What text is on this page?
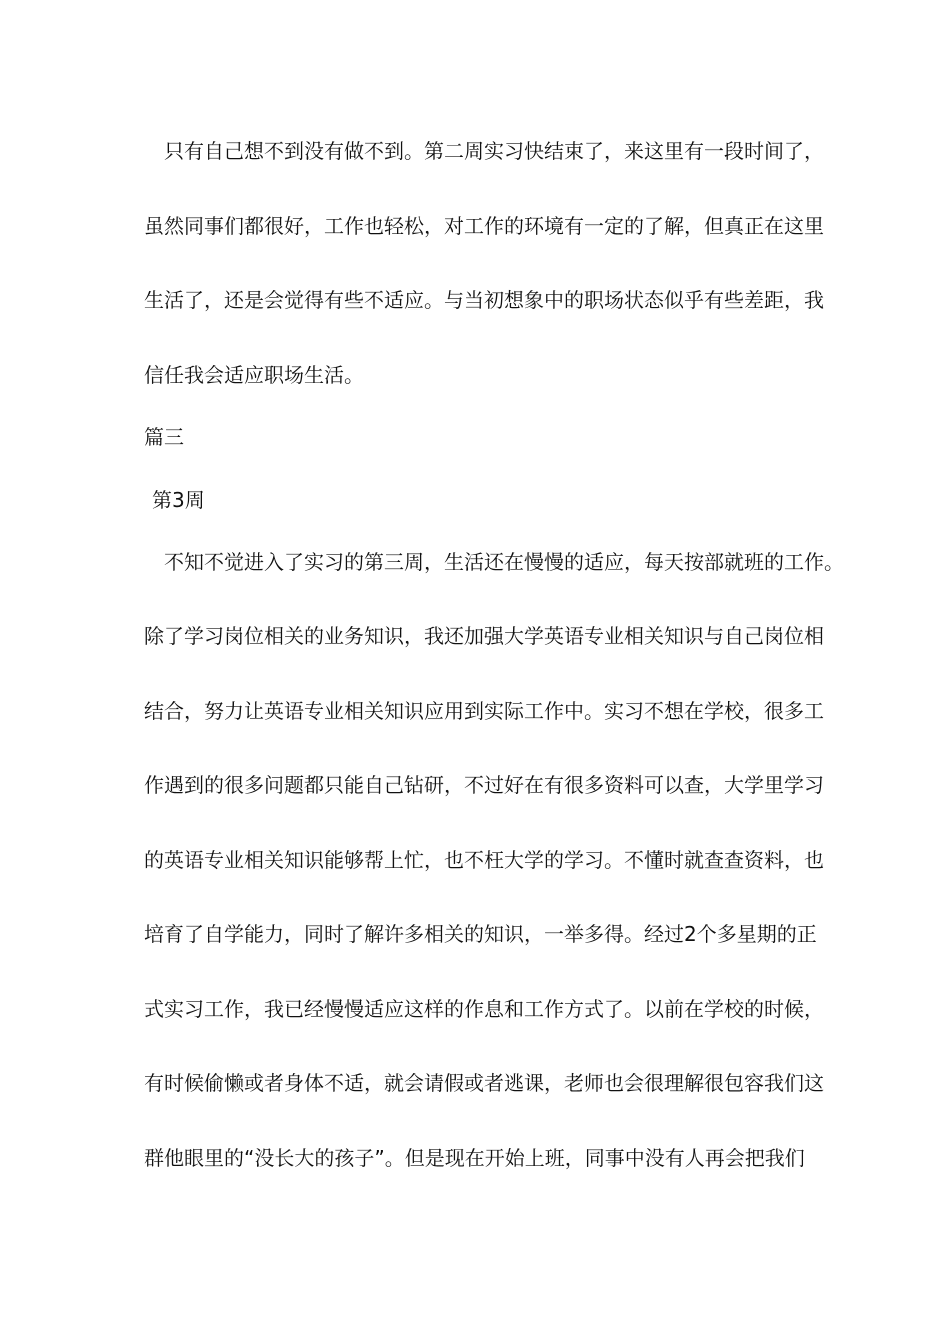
只有自己想不到没有做不到。第二周实习快结束了，来这里有一段时间了，
虽然同事们都很好，工作也轻松，对工作的环境有一定的了解，但真正在这里
生活了，还是会觉得有些不适应。与当初想象中的职场状态似乎有些差距，我
信任我会适应职场生活。
篇三
第3周
不知不觉进入了实习的第三周，生活还在慢慢的适应，每天按部就班的工作。
除了学习岗位相关的业务知识，我还加强大学英语专业相关知识与自己岗位相
结合，努力让英语专业相关知识应用到实际工作中。实习不想在学校，很多工
作遇到的很多问题都只能自己钻研，不过好在有很多资料可以查，大学里学习
的英语专业相关知识能够帮上忙，也不枉大学的学习。不懂时就查查资料，也
培育了自学能力，同时了解许多相关的知识，一举多得。经过2个多星期的正
式实习工作，我已经慢慢适应这样的作息和工作方式了。以前在学校的时候，
有时候偷懒或者身体不适，就会请假或者逃课，老师也会很理解很包容我们这
群他眼里的“没长大的孩子”。但是现在开始上班，同事中没有人再会把我们
